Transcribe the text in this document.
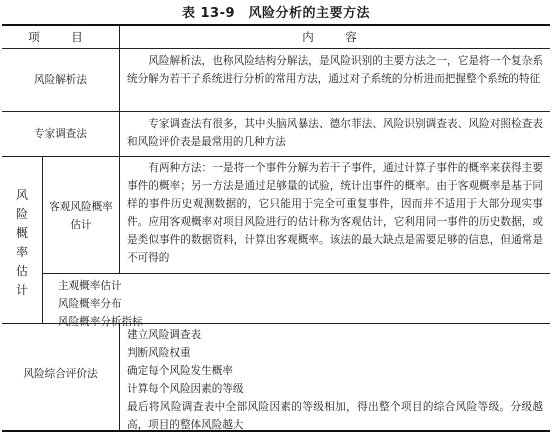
表 13-9　风险分析的主要方法
项　目	内　容
风险解析法
风险解析法，也称风险结构分解法，是风险识别的主要方法之一，它是将一个复杂系统分解为若干子系统进行分析的常用方法，通过对子系统的分析进而把握整个系统的特征
专家调查法
专家调查法有很多，其中头脑风暴法、德尔菲法、风险识别调查表、风险对照检查表和风险评价表是最常用的几种方法
风险概率估计
客观风险概率估计
有两种方法：一是将一个事件分解为若干子事件，通过计算子事件的概率来获得主要事件的概率；另一方法是通过足够量的试验，统计出事件的概率。由于客观概率是基于同样的事件历史观测数据的，它只能用于完全可重复事件，因而并不适用于大部分现实事件。应用客观概率对项目风险进行的估计称为客观估计，它利用同一事件的历史数据，或是类似事件的数据资料，计算出客观概率。该法的最大缺点是需要足够的信息，但通常是不可得的
主观概率估计
风险概率分布
风险概率分析指标
风险综合评价法
建立风险调查表
判断风险权重
确定每个风险发生概率
计算每个风险因素的等级
最后将风险调查表中全部风险因素的等级相加，得出整个项目的综合风险等级。分级越高，项目的整体风险越大
